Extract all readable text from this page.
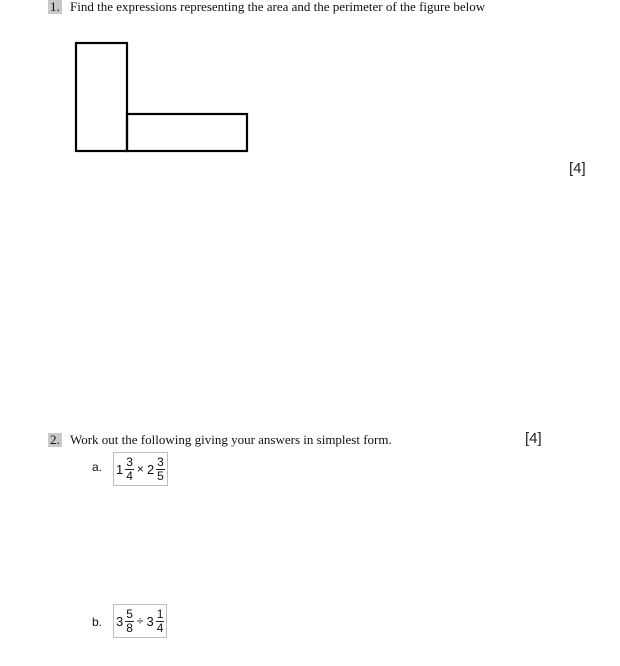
1. Find the expressions representing the area and the perimeter of the figure below
[4]
2. Work out the following giving your answers in simplest form.	[4]
a. $1 \frac{3}{4} \times 2 \frac{3}{5}$
b. $3 \frac{5}{8} \div 3 \frac{1}{4}$
